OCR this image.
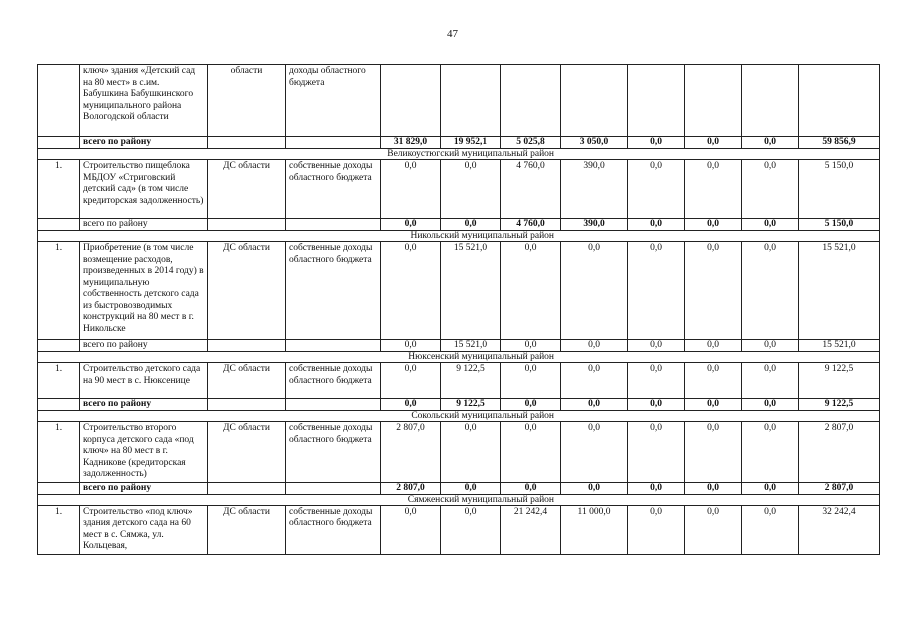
47
	ключ» здания «Детский сад на 80 мест» в с.им. Бабушкина Бабушкинского муниципального района Вологодской области	области	доходы областного бюджета								
	всего по району			31 829,0	19 952,1	5 025,8	3 050,0	0,0	0,0	0,0	59 856,9
Великоустюгский муниципальный район											
1.	Строительство пищеблока МБДОУ «Стриговский детский сад» (в том числе кредиторская задолженность)	ДС области	собственные доходы областного бюджета	0,0	0,0	4 760,0	390,0	0,0	0,0	0,0	5 150,0
	всего по району			0,0	0,0	4 760,0	390,0	0,0	0,0	0,0	5 150,0
Никольский муниципальный район											
1.	Приобретение (в том числе возмещение расходов, произведенных в 2014 году) в муниципальную собственность детского сада из быстровозводимых конструкций на 80 мест в г. Никольске	ДС области	собственные доходы областного бюджета	0,0	15 521,0	0,0	0,0	0,0	0,0	0,0	15 521,0
	всего по району			0,0	15 521,0	0,0	0,0	0,0	0,0	0,0	15 521,0
Нюксенский муниципальный район											
1.	Строительство детского сада на 90 мест в с. Нюксенице	ДС области	собственные доходы областного бюджета	0,0	9 122,5	0,0	0,0	0,0	0,0	0,0	9 122,5
	всего по району			0,0	9 122,5	0,0	0,0	0,0	0,0	0,0	9 122,5
Сокольский муниципальный район											
1.	Строительство второго корпуса детского сада «под ключ» на 80 мест в г. Кадникове (кредиторская задолженность)	ДС области	собственные доходы областного бюджета	2 807,0	0,0	0,0	0,0	0,0	0,0	0,0	2 807,0
	всего по району			2 807,0	0,0	0,0	0,0	0,0	0,0	0,0	2 807,0
Сямженский муниципальный район											
1.	Строительство «под ключ» здания детского сада на 60 мест в с. Сямжа, ул. Кольцевая,	ДС области	собственные доходы областного бюджета	0,0	0,0	21 242,4	11 000,0	0,0	0,0	0,0	32 242,4
